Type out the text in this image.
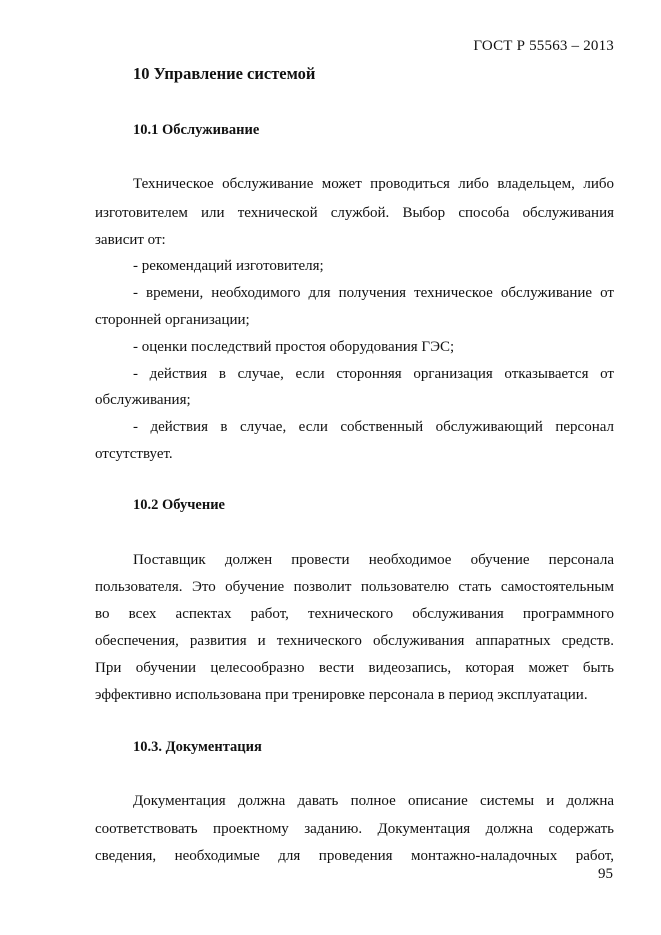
ГОСТ Р 55563 – 2013
10 Управление системой
10.1 Обслуживание
Техническое обслуживание может проводиться либо владельцем, либо
изготовителем или технической службой. Выбор способа обслуживания
зависит от:
- рекомендаций изготовителя;
- времени, необходимого для получения техническое обслуживание от
сторонней организации;
- оценки последствий простоя оборудования ГЭС;
- действия в случае, если сторонняя организация отказывается от
обслуживания;
- действия в случае, если собственный обслуживающий персонал
отсутствует.
10.2 Обучение
Поставщик должен провести необходимое обучение персонала
пользователя. Это обучение позволит пользователю стать самостоятельным
во всех аспектах работ, технического обслуживания программного
обеспечения, развития и технического обслуживания аппаратных средств.
При обучении целесообразно вести видеозапись, которая может быть
эффективно использована при тренировке персонала в период эксплуатации.
10.3. Документация
Документация должна давать полное описание системы и должна
соответствовать проектному заданию. Документация должна содержать
сведения, необходимые для проведения монтажно-наладочных работ,
95
